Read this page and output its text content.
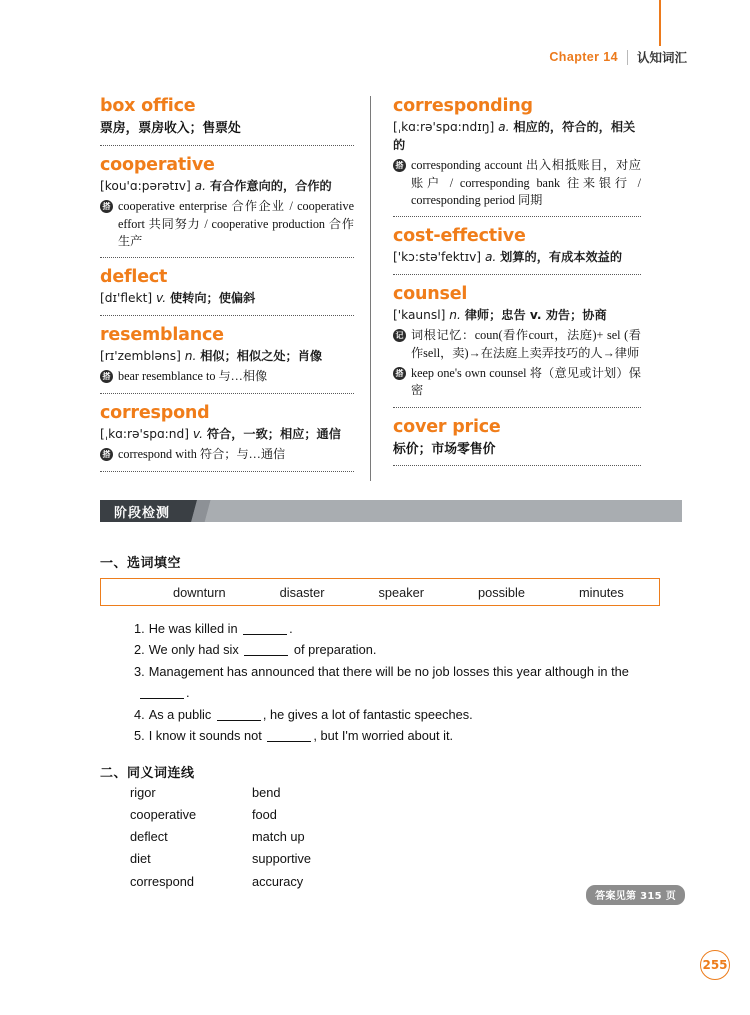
Chapter 14 认知词汇
box office
票房，票房收入；售票处
cooperative
[kou'ɑ:pərətɪv] a. 有合作意向的，合作的
搭 cooperative enterprise 合作企业 / cooperative effort 共同努力 / cooperative production 合作生产
deflect
[dɪ'flekt] v. 使转向；使偏斜
resemblance
[rɪ'zembləns] n. 相似；相似之处；肖像
搭 bear resemblance to 与…相像
correspond
[ˌkɑ:rə'spɑ:nd] v. 符合，一致；相应；通信
搭 correspond with 符合；与…通信
corresponding
[ˌkɑ:rə'spɑ:ndɪŋ] a. 相应的，符合的，相关的
搭 corresponding account 出入相抵账目，对应账户 / corresponding bank 往来银行 / corresponding period 同期
cost-effective
['kɔ:stə'fektɪv] a. 划算的，有成本效益的
counsel
['kaunsl] n. 律师；忠告 v. 劝告；协商
记 词根记忆：coun(看作court，法庭)+ sel (看作sell，卖)→在法庭上卖弄技巧的人→律师
搭 keep one's own counsel 将（意见或计划）保密
cover price
标价；市场零售价
阶段检测
一、选词填空
downturn	disaster	speaker	possible	minutes
1. He was killed in	.
2. We only had six	of preparation.
3. Management has announced that there will be no job losses this year although in the
.
4. As a public	, he gives a lot of fantastic speeches.
5. I know it sounds not	, but I'm worried about it.
二、同义词连线
rigor	bend
cooperative	food
deflect	match up
diet	supportive
correspond	accuracy
答案见第 315 页
255
